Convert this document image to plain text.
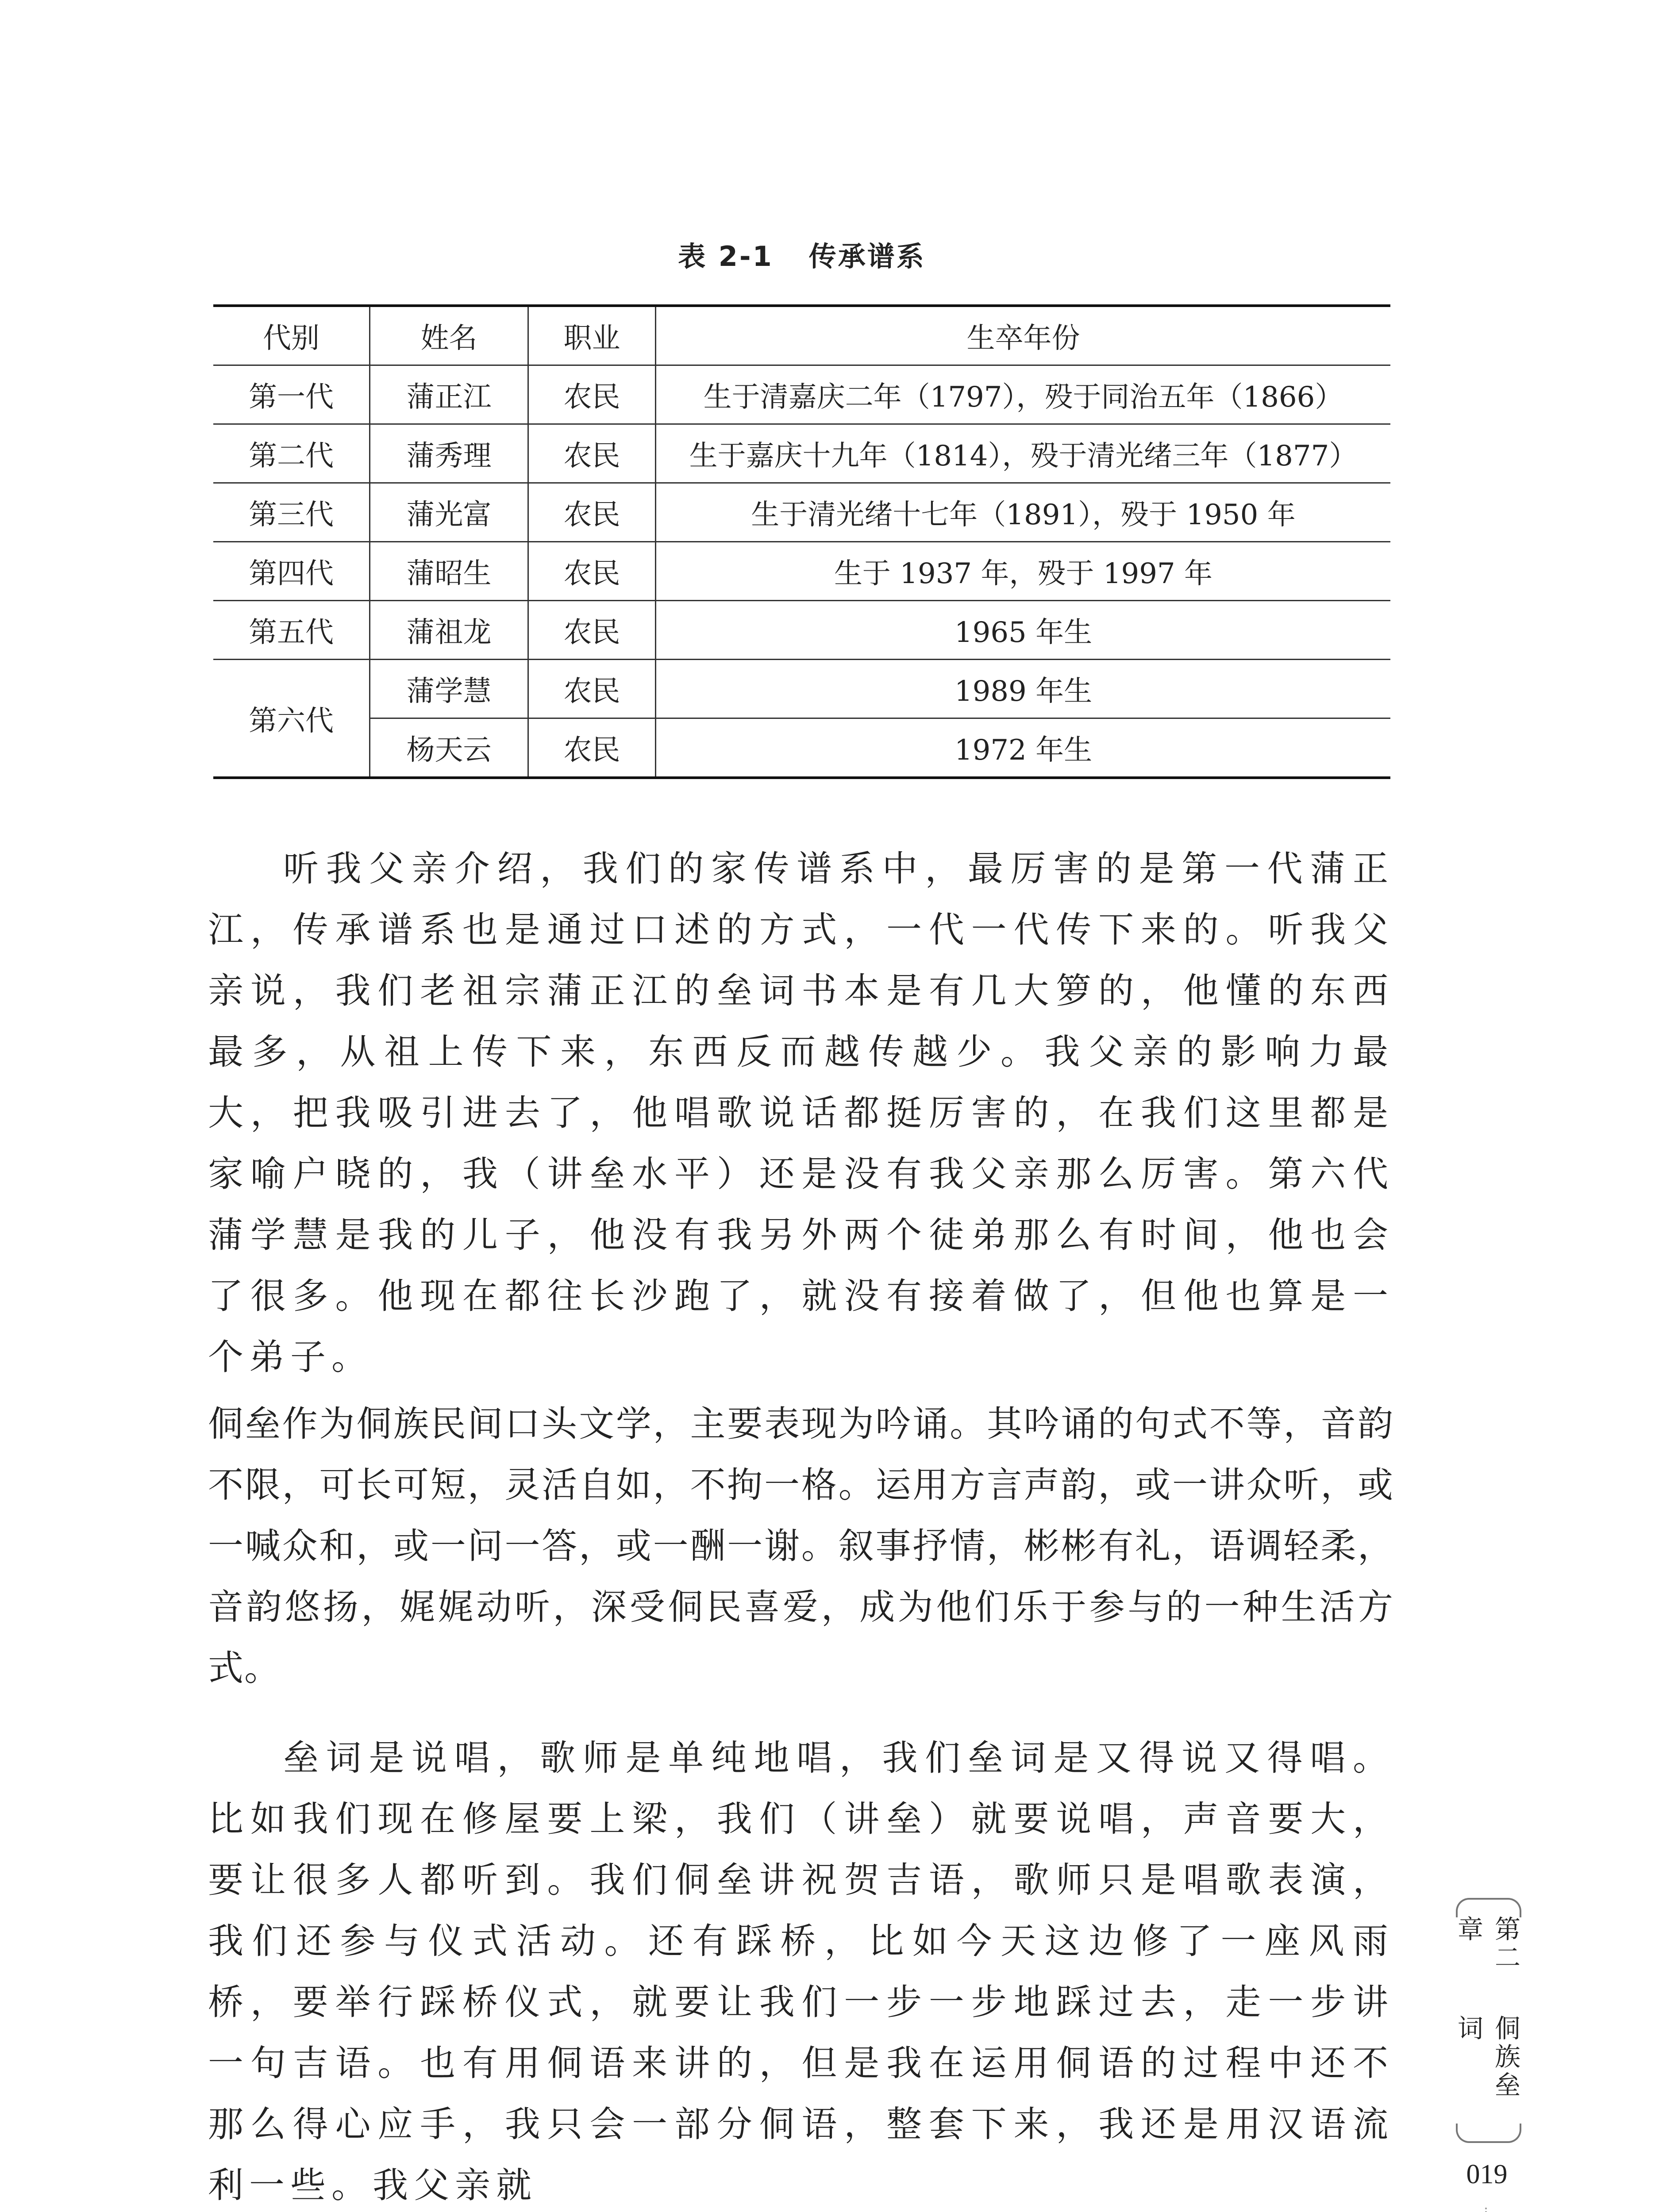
表 2-1 传承谱系
代别	姓名	职业	生卒年份
第一代	蒲正江	农民	生于清嘉庆二年（1797），殁于同治五年（1866）
第二代	蒲秀理	农民	生于嘉庆十九年（1814），殁于清光绪三年（1877）
第三代	蒲光富	农民	生于清光绪十七年（1891），殁于 1950 年
第四代	蒲昭生	农民	生于 1937 年，殁于 1997 年
第五代	蒲祖龙	农民	1965 年生
第六代	蒲学慧	农民	1989 年生
	杨天云	农民	1972 年生

听我父亲介绍，我们的家传谱系中，最厉害的是第一代蒲正江，传承谱系也是通过口述的方式，一代一代传下来的。听我父亲说，我们老祖宗蒲正江的垒词书本是有几大箩的，他懂的东西最多，从祖上传下来，东西反而越传越少。我父亲的影响力最大，把我吸引进去了，他唱歌说话都挺厉害的，在我们这里都是家喻户晓的，我（讲垒水平）还是没有我父亲那么厉害。第六代蒲学慧是我的儿子，他没有我另外两个徒弟那么有时间，他也会了很多。他现在都往长沙跑了，就没有接着做了，但他也算是一个弟子。

侗垒作为侗族民间口头文学，主要表现为吟诵。其吟诵的句式不等，音韵不限，可长可短，灵活自如，不拘一格。运用方言声韵，或一讲众听，或一喊众和，或一问一答，或一酬一谢。叙事抒情，彬彬有礼，语调轻柔，音韵悠扬，娓娓动听，深受侗民喜爱，成为他们乐于参与的一种生活方式。

垒词是说唱，歌师是单纯地唱，我们垒词是又得说又得唱。比如我们现在修屋要上梁，我们（讲垒）就要说唱，声音要大，要让很多人都听到。我们侗垒讲祝贺吉语，歌师只是唱歌表演，我们还参与仪式活动。还有踩桥，比如今天这边修了一座风雨桥，要举行踩桥仪式，就要让我们一步一步地踩过去，走一步讲一句吉语。也有用侗语来讲的，但是我在运用侗语的过程中还不那么得心应手，我只会一部分侗语，整套下来，我还是用汉语流利一些。我父亲就

第二章
侗族垒词
019
